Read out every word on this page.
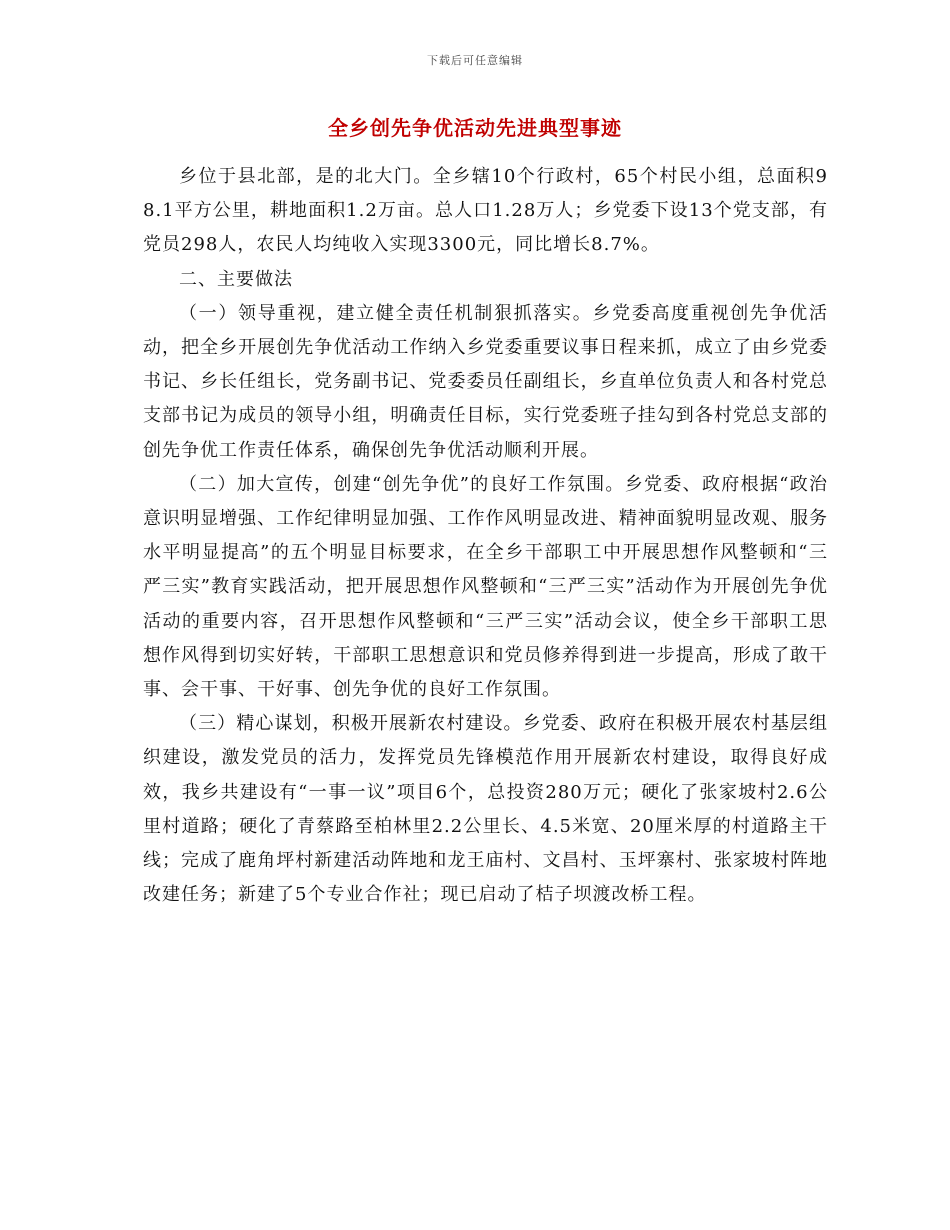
下载后可任意编辑
全乡创先争优活动先进典型事迹

乡位于县北部，是的北大门。全乡辖10个行政村，65个村民小组，总面积98.1平方公里，耕地面积1.2万亩。总人口1.28万人；乡党委下设13个党支部，有党员298人，农民人均纯收入实现3300元，同比增长8.7%。

二、主要做法

（一）领导重视，建立健全责任机制狠抓落实。乡党委高度重视创先争优活动，把全乡开展创先争优活动工作纳入乡党委重要议事日程来抓，成立了由乡党委书记、乡长任组长，党务副书记、党委委员任副组长，乡直单位负责人和各村党总支部书记为成员的领导小组，明确责任目标，实行党委班子挂勾到各村党总支部的创先争优工作责任体系，确保创先争优活动顺利开展。

（二）加大宣传，创建“创先争优”的良好工作氛围。乡党委、政府根据“政治意识明显增强、工作纪律明显加强、工作作风明显改进、精神面貌明显改观、服务水平明显提高”的五个明显目标要求，在全乡干部职工中开展思想作风整顿和“三严三实”教育实践活动，把开展思想作风整顿和“三严三实”活动作为开展创先争优活动的重要内容，召开思想作风整顿和“三严三实”活动会议，使全乡干部职工思想作风得到切实好转，干部职工思想意识和党员修养得到进一步提高，形成了敢干事、会干事、干好事、创先争优的良好工作氛围。

（三）精心谋划，积极开展新农村建设。乡党委、政府在积极开展农村基层组织建设，激发党员的活力，发挥党员先锋模范作用开展新农村建设，取得良好成效，我乡共建设有“一事一议”项目6个，总投资280万元；硬化了张家坡村2.6公里村道路；硬化了青蔡路至柏林里2.2公里长、4.5米宽、20厘米厚的村道路主干线；完成了鹿角坪村新建活动阵地和龙王庙村、文昌村、玉坪寨村、张家坡村阵地改建任务；新建了5个专业合作社；现已启动了桔子坝渡改桥工程。
